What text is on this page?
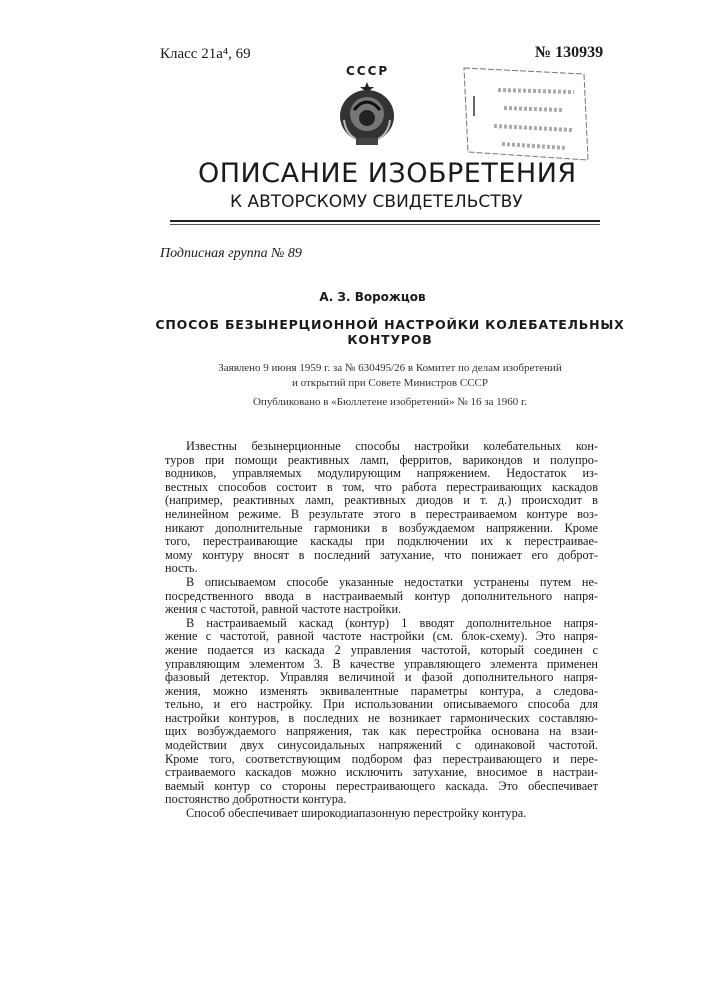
Класс 21a⁴, 69	№ 130939
СССР
ОПИСАНИЕ ИЗОБРЕТЕНИЯ
К АВТОРСКОМУ СВИДЕТЕЛЬСТВУ
Подписная группа № 89
А. З. Ворожцов
СПОСОБ БЕЗЫНЕРЦИОННОЙ НАСТРОЙКИ КОЛЕБАТЕЛЬНЫХ
КОНТУРОВ
Заявлено 9 июня 1959 г. за № 630495/26 в Комитет по делам изобретений
и открытий при Совете Министров СССР
Опубликовано в «Бюллетене изобретений» № 16 за 1960 г.
Известны безынерционные способы настройки колебательных кон-
туров при помощи реактивных ламп, ферритов, варикондов и полупро-
водников, управляемых модулирующим напряжением. Недостаток из-
вестных способов состоит в том, что работа перестраивающих каскадов
(например, реактивных ламп, реактивных диодов и т. д.) происходит в
нелинейном режиме. В результате этого в перестраиваемом контуре воз-
никают дополнительные гармоники в возбуждаемом напряжении. Кроме
того, перестраивающие каскады при подключении их к перестраивае-
мому контуру вносят в последний затухание, что понижает его доброт-
ность.
В описываемом способе указанные недостатки устранены путем не-
посредственного ввода в настраиваемый контур дополнительного напря-
жения с частотой, равной частоте настройки.
В настраиваемый каскад (контур) 1 вводят дополнительное напря-
жение с частотой, равной частоте настройки (см. блок-схему). Это напря-
жение подается из каскада 2 управления частотой, который соединен с
управляющим элементом 3. В качестве управляющего элемента применен
фазовый детектор. Управляя величиной и фазой дополнительного напря-
жения, можно изменять эквивалентные параметры контура, а следова-
тельно, и его настройку. При использовании описываемого способа для
настройки контуров, в последних не возникает гармонических составляю-
щих возбуждаемого напряжения, так как перестройка основана на взаи-
модействии двух синусоидальных напряжений с одинаковой частотой.
Кроме того, соответствующим подбором фаз перестраивающего и пере-
страиваемого каскадов можно исключить затухание, вносимое в настраи-
ваемый контур со стороны перестраивающего каскада. Это обеспечивает
постоянство добротности контура.
Способ обеспечивает широкодиапазонную перестройку контура.
